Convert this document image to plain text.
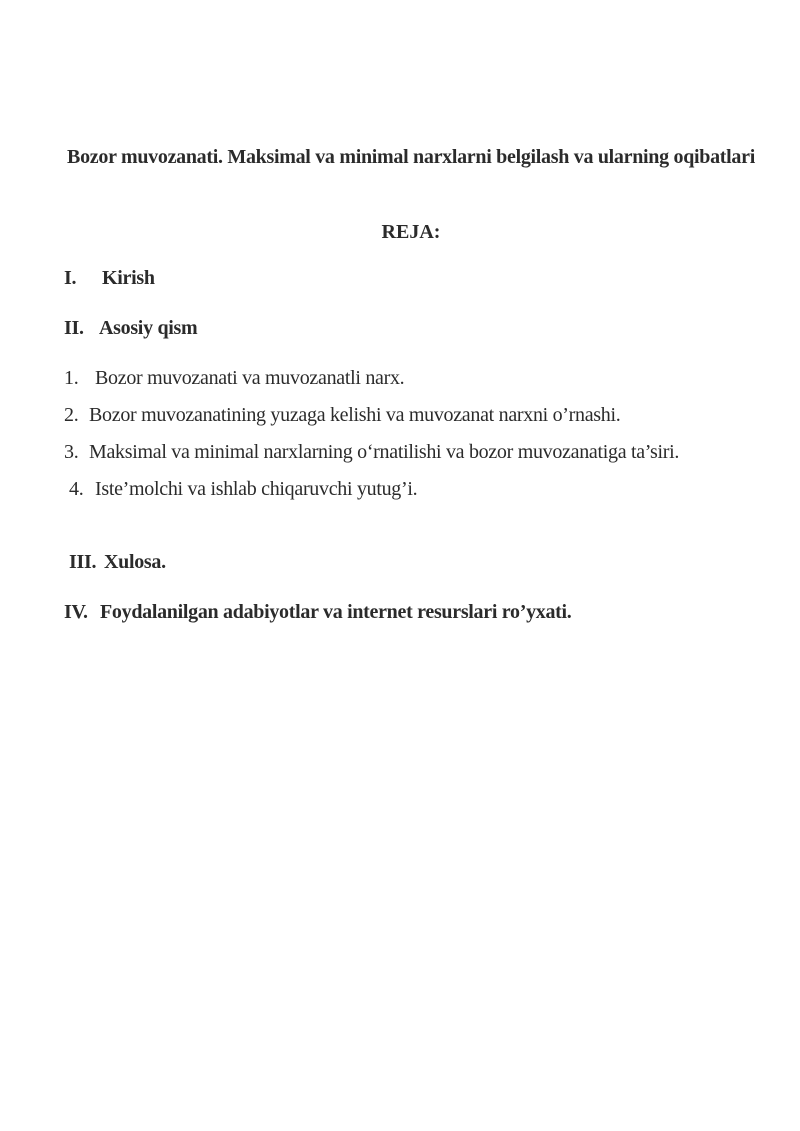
Bozor muvozanati. Maksimal va minimal narxlarni belgilash va ularning oqibatlari
REJA:
I. Kirish
II. Asosiy qism
1. Bozor muvozanati va muvozanatli narx.
2. Bozor muvozanatining yuzaga kelishi va muvozanat narxni o’rnashi.
3. Maksimal va minimal narxlarning o‘rnatilishi va bozor muvozanatiga ta’siri.
4. Iste’molchi va ishlab chiqaruvchi yutug’i.
III. Xulosa.
IV. Foydalanilgan adabiyotlar va internet resurslari ro’yxati.
